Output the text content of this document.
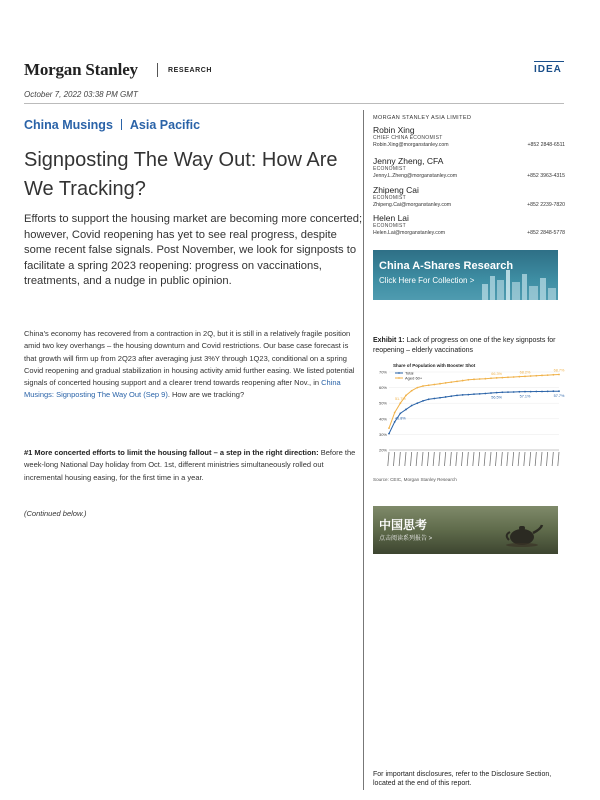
Morgan Stanley	RESEARCH	IDEA
October 7, 2022 03:38 PM GMT
China Musings Asia Pacific
Signposting The Way Out: How Are We Tracking?
Efforts to support the housing market are becoming more concerted; however, Covid reopening has yet to see real progress, despite some recent false signals. Post November, we look for signposts to facilitate a spring 2023 reopening: progress on vaccinations, treatments, and a nudge in public opinion.
China's economy has recovered from a contraction in 2Q, but it is still in a relatively fragile position amid two key overhangs – the housing downturn and Covid restrictions. Our base case forecast is that growth will firm up from 2Q23 after averaging just 3%Y through 1Q23, conditional on a spring Covid reopening and gradual stabilization in housing activity amid further easing. We listed potential signals of concerted housing support and a clearer trend towards reopening after Nov., in China Musings: Signposting The Way Out (Sep 9). How are we tracking?
#1 More concerted efforts to limit the housing fallout – a step in the right direction: Before the week-long National Day holiday from Oct. 1st, different ministries simultaneously rolled out incremental housing easing, for the first time in a year.
(Continued below.)
MORGAN STANLEY ASIA LIMITED
Robin Xing
CHIEF CHINA ECONOMIST
Robin.Xing@morganstanley.com	+852 2848-6511
Jenny Zheng, CFA
ECONOMIST
Jenny.L.Zheng@morganstanley.com	+852 3963-4315
Zhipeng Cai
ECONOMIST
Zhipeng.Cai@morganstanley.com	+852 2239-7820
Helen Lai
ECONOMIST
Helen.Lai@morganstanley.com	+852 2848-5778
China A-Shares Research
Click Here For Collection >
Exhibit 1: Lack of progress on one of the key signposts for reopening – elderly vaccinations
Share of Population with Booster Shot
20%
30%
40%
50%
60%
70%	Total
Aged 60+
51.7%
46.8%
66.3%	68.2%	68.7%
56.5%	57.1%	57.7%
Source: CEIC, Morgan Stanley Research
中国思考
点击阅读系列报告 >
For important disclosures, refer to the Disclosure Section, located at the end of this report.
